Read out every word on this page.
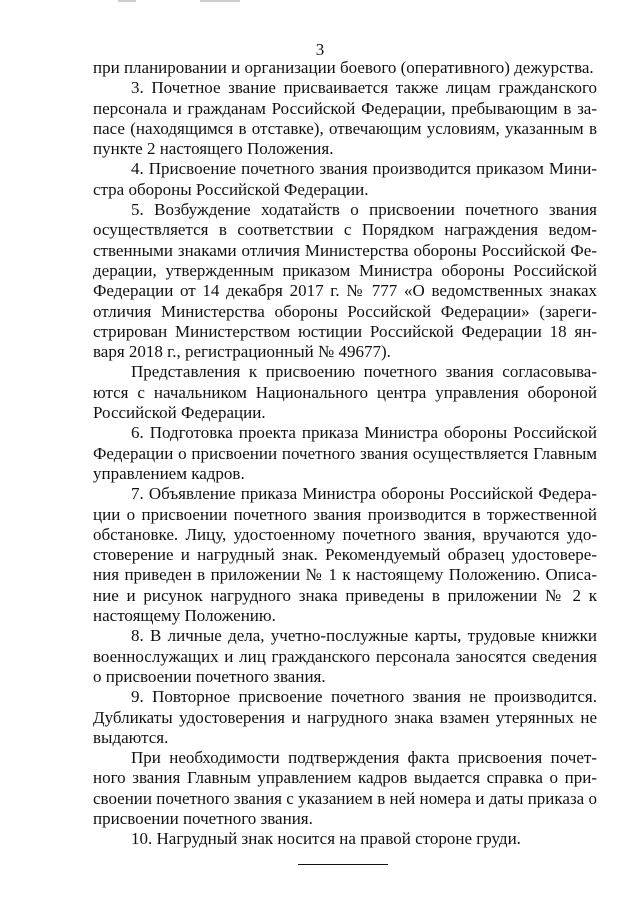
3

при планировании и организации боевого (оперативного) дежурства.

3. Почетное звание присваивается также лицам гражданского персонала и гражданам Российской Федерации, пребывающим в запасе (находящимся в отставке), отвечающим условиям, указанным в пункте 2 настоящего Положения.

4. Присвоение почетного звания производится приказом Министра обороны Российской Федерации.

5. Возбуждение ходатайств о присвоении почетного звания осуществляется в соответствии с Порядком награждения ведомственными знаками отличия Министерства обороны Российской Федерации, утвержденным приказом Министра обороны Российской Федерации от 14 декабря 2017 г. № 777 «О ведомственных знаках отличия Министерства обороны Российской Федерации» (зарегистрирован Министерством юстиции Российской Федерации 18 января 2018 г., регистрационный № 49677).

Представления к присвоению почетного звания согласовываются с начальником Национального центра управления обороной Российской Федерации.

6. Подготовка проекта приказа Министра обороны Российской Федерации о присвоении почетного звания осуществляется Главным управлением кадров.

7. Объявление приказа Министра обороны Российской Федерации о присвоении почетного звания производится в торжественной обстановке. Лицу, удостоенному почетного звания, вручаются удостоверение и нагрудный знак. Рекомендуемый образец удостоверения приведен в приложении № 1 к настоящему Положению. Описание и рисунок нагрудного знака приведены в приложении № 2 к настоящему Положению.

8. В личные дела, учетно-послужные карты, трудовые книжки военнослужащих и лиц гражданского персонала заносятся сведения о присвоении почетного звания.

9. Повторное присвоение почетного звания не производится. Дубликаты удостоверения и нагрудного знака взамен утерянных не выдаются.

При необходимости подтверждения факта присвоения почетного звания Главным управлением кадров выдается справка о присвоении почетного звания с указанием в ней номера и даты приказа о присвоении почетного звания.

10. Нагрудный знак носится на правой стороне груди.
